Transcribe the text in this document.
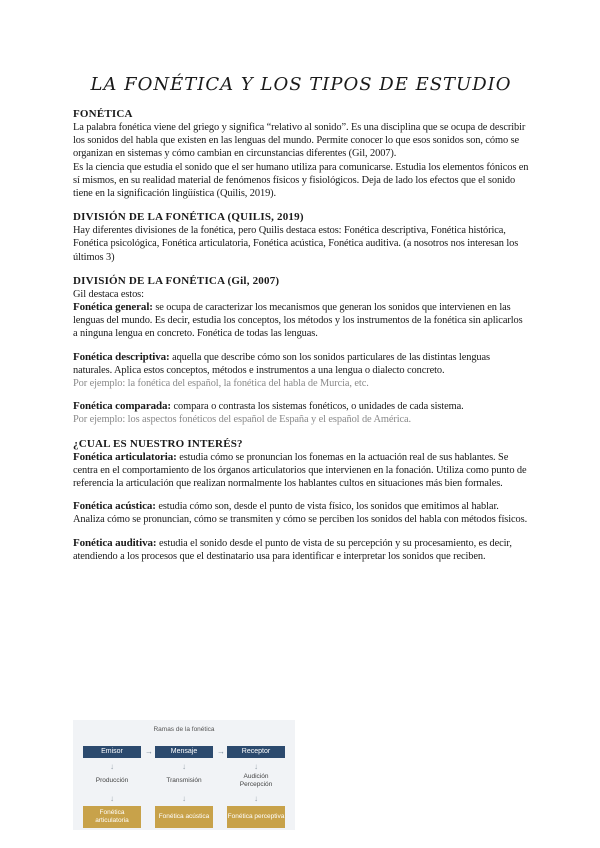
LA FONÉTICA Y LOS TIPOS DE ESTUDIO
FONÉTICA

La palabra fonética viene del griego y significa “relativo al sonido”. Es una disciplina que se ocupa de describir los sonidos del habla que existen en las lenguas del mundo. Permite conocer lo que esos sonidos son, cómo se organizan en sistemas y cómo cambian en circunstancias diferentes (Gil, 2007).

Es la ciencia que estudia el sonido que el ser humano utiliza para comunicarse. Estudia los elementos fónicos en sí mismos, en su realidad material de fenómenos físicos y fisiológicos. Deja de lado los efectos que el sonido tiene en la significación lingüística (Quilis, 2019).

DIVISIÓN DE LA FONÉTICA (QUILIS, 2019)

Hay diferentes divisiones de la fonética, pero Quilis destaca estos: Fonética descriptiva, Fonética histórica, Fonética psicológica, Fonética articulatoria, Fonética acústica, Fonética auditiva. (a nosotros nos interesan los últimos 3)

DIVISIÓN DE LA FONÉTICA (Gil, 2007)

Gil destaca estos:

Fonética general: se ocupa de caracterizar los mecanismos que generan los sonidos que intervienen en las lenguas del mundo. Es decir, estudia los conceptos, los métodos y los instrumentos de la fonética sin aplicarlos a ninguna lengua en concreto. Fonética de todas las lenguas.

Fonética descriptiva: aquella que describe cómo son los sonidos particulares de las distintas lenguas naturales. Aplica estos conceptos, métodos e instrumentos a una lengua o dialecto concreto.

Por ejemplo: la fonética del español, la fonética del habla de Murcia, etc.

Fonética comparada: compara o contrasta los sistemas fonéticos, o unidades de cada sistema.

Por ejemplo: los aspectos fonéticos del español de España y el español de América.

¿CUAL ES NUESTRO INTERÉS?

Fonética articulatoria: estudia cómo se pronuncian los fonemas en la actuación real de sus hablantes. Se centra en el comportamiento de los órganos articulatorios que intervienen en la fonación. Utiliza como punto de referencia la articulación que realizan normalmente los hablantes cultos en situaciones más bien formales.

Fonética acústica: estudia cómo son, desde el punto de vista físico, los sonidos que emitimos al hablar. Analiza cómo se pronuncian, cómo se transmiten y cómo se perciben los sonidos del habla con métodos físicos.

Fonética auditiva: estudia el sonido desde el punto de vista de su percepción y su procesamiento, es decir, atendiendo a los procesos que el destinatario usa para identificar e interpretar los sonidos que reciben.

Ramas de la fonética
Emisor
↓
Producción
↓
Fonética articulatoria
→	Mensaje
↓
Transmisión
↓
Fonética acústica
→	Receptor
↓
Audición Percepción
↓
Fonética perceptiva
